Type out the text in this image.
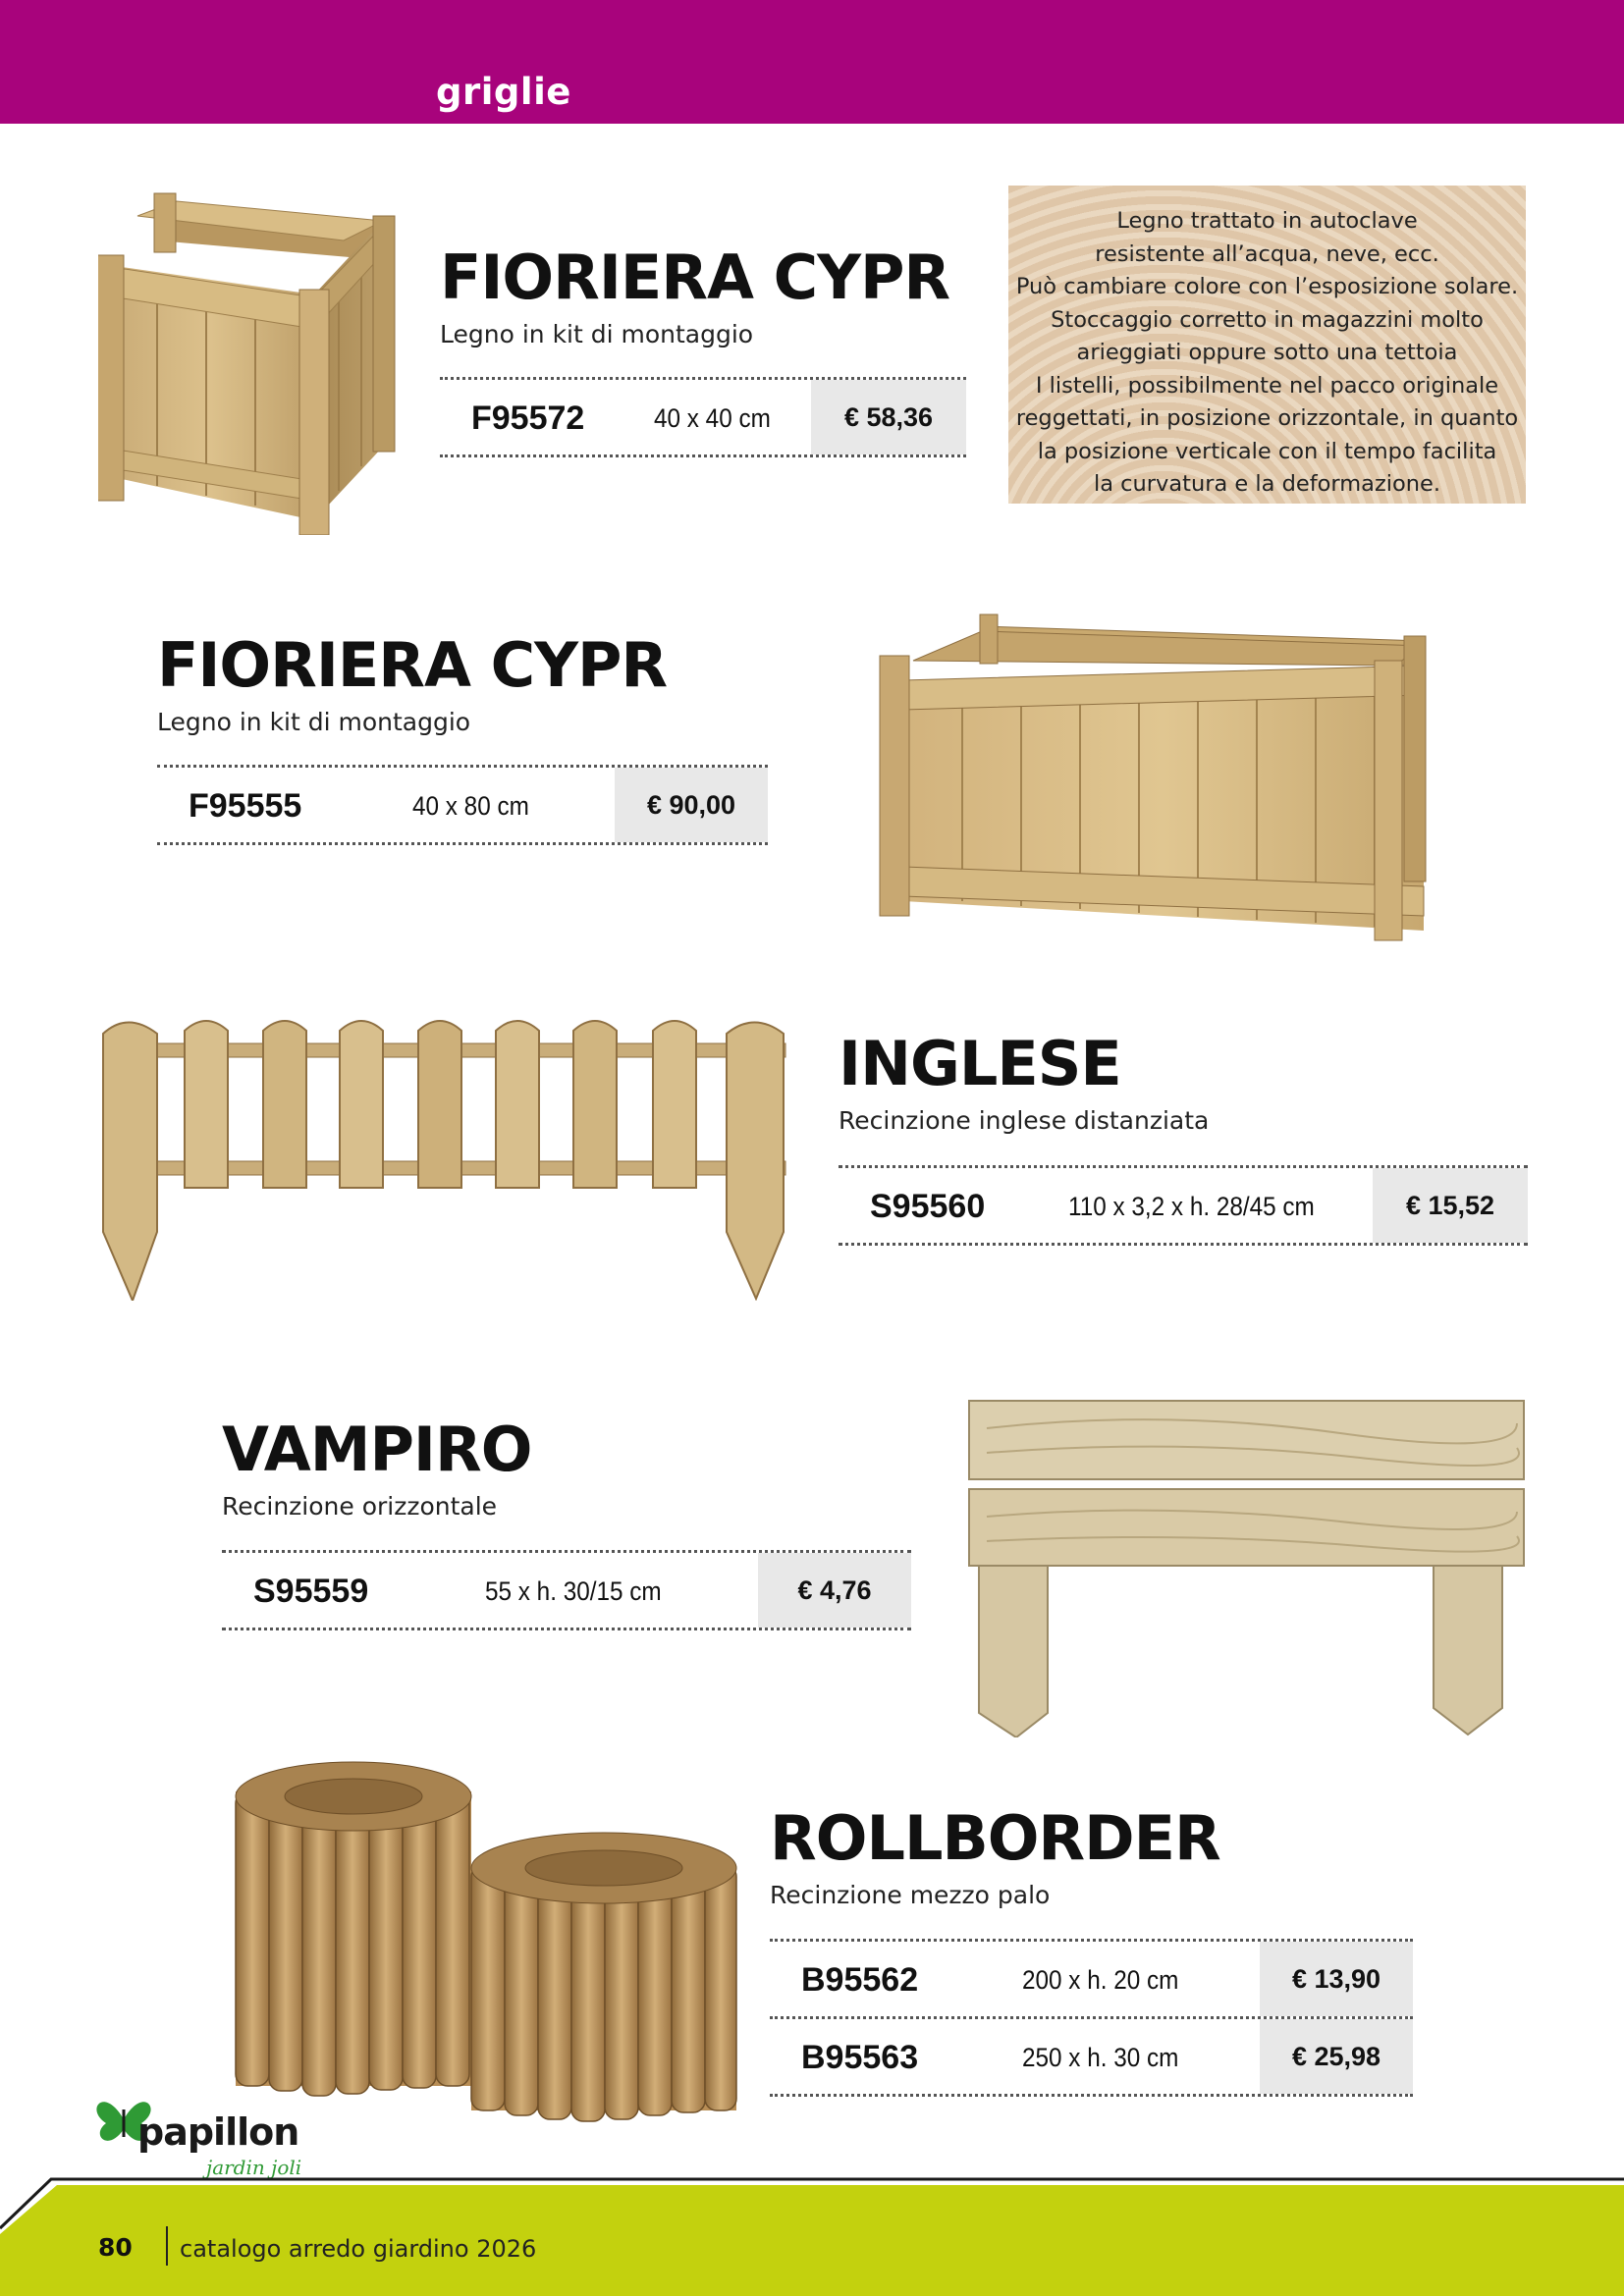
griglie
FIORIERA CYPR
Legno in kit di montaggio
F95572	40 x 40 cm	€ 58,36
Legno trattato in autoclave
resistente all’acqua, neve, ecc.
Può cambiare colore con l’esposizione solare.
Stoccaggio corretto in magazzini molto
arieggiati oppure sotto una tettoia
I listelli, possibilmente nel pacco originale
reggettati, in posizione orizzontale, in quanto
la posizione verticale con il tempo facilita
la curvatura e la deformazione.
FIORIERA CYPR
Legno in kit di montaggio
F95555	40 x 80 cm	€ 90,00
INGLESE
Recinzione inglese distanziata
S95560	110 x 3,2 x h. 28/45 cm	€ 15,52
VAMPIRO
Recinzione orizzontale
S95559	55 x h. 30/15 cm	€ 4,76
ROLLBORDER
Recinzione mezzo palo
B95562	200 x h. 20 cm	€ 13,90
B95563	250 x h. 30 cm	€ 25,98
papillon
jardin joli
80 catalogo arredo giardino 2026
